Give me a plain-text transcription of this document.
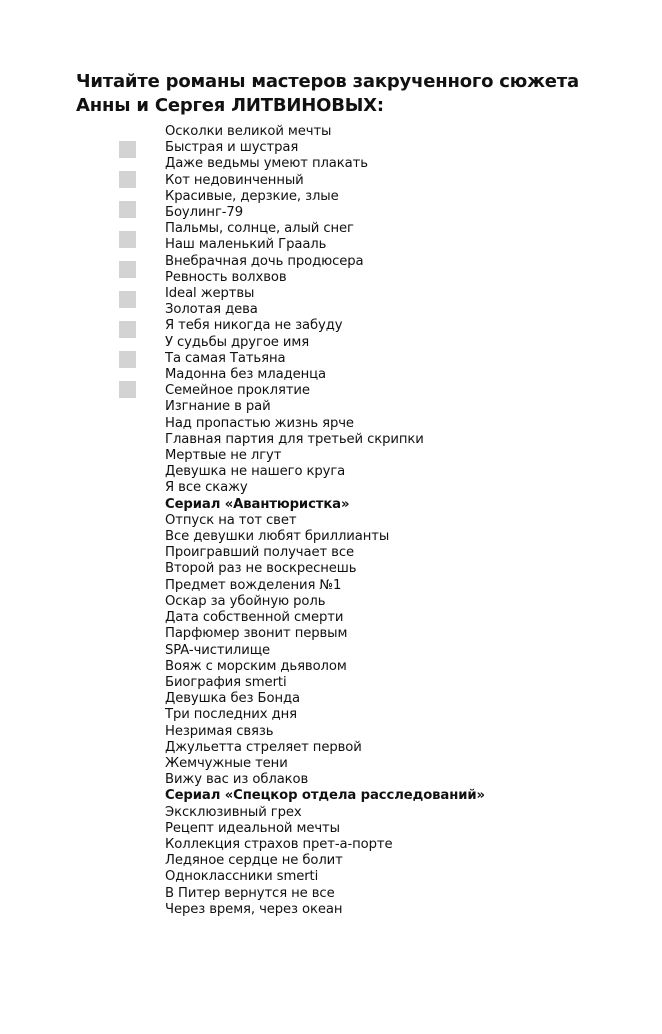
Читайте романы мастеров закрученного сюжета
Анны и Сергея ЛИТВИНОВЫХ:
Осколки великой мечты
Быстрая и шустрая
Даже ведьмы умеют плакать
Кот недовинченный
Красивые, дерзкие, злые
Боулинг-79
Пальмы, солнце, алый снег
Наш маленький Грааль
Внебрачная дочь продюсера
Ревность волхвов
Ideal жертвы
Золотая дева
Я тебя никогда не забуду
У судьбы другое имя
Та самая Татьяна
Мадонна без младенца
Семейное проклятие
Изгнание в рай
Над пропастью жизнь ярче
Главная партия для третьей скрипки
Мертвые не лгут
Девушка не нашего круга
Я все скажу
Сериал «Авантюристка»
Отпуск на тот свет
Все девушки любят бриллианты
Проигравший получает все
Второй раз не воскреснешь
Предмет вожделения №1
Оскар за убойную роль
Дата собственной смерти
Парфюмер звонит первым
SPA-чистилище
Вояж с морским дьяволом
Биография smerti
Девушка без Бонда
Три последних дня
Незримая связь
Джульетта стреляет первой
Жемчужные тени
Вижу вас из облаков
Сериал «Спецкор отдела расследований»
Эксклюзивный грех
Рецепт идеальной мечты
Коллекция страхов прет-а-порте
Ледяное сердце не болит
Одноклассники smerti
В Питер вернутся не все
Через время, через океан
